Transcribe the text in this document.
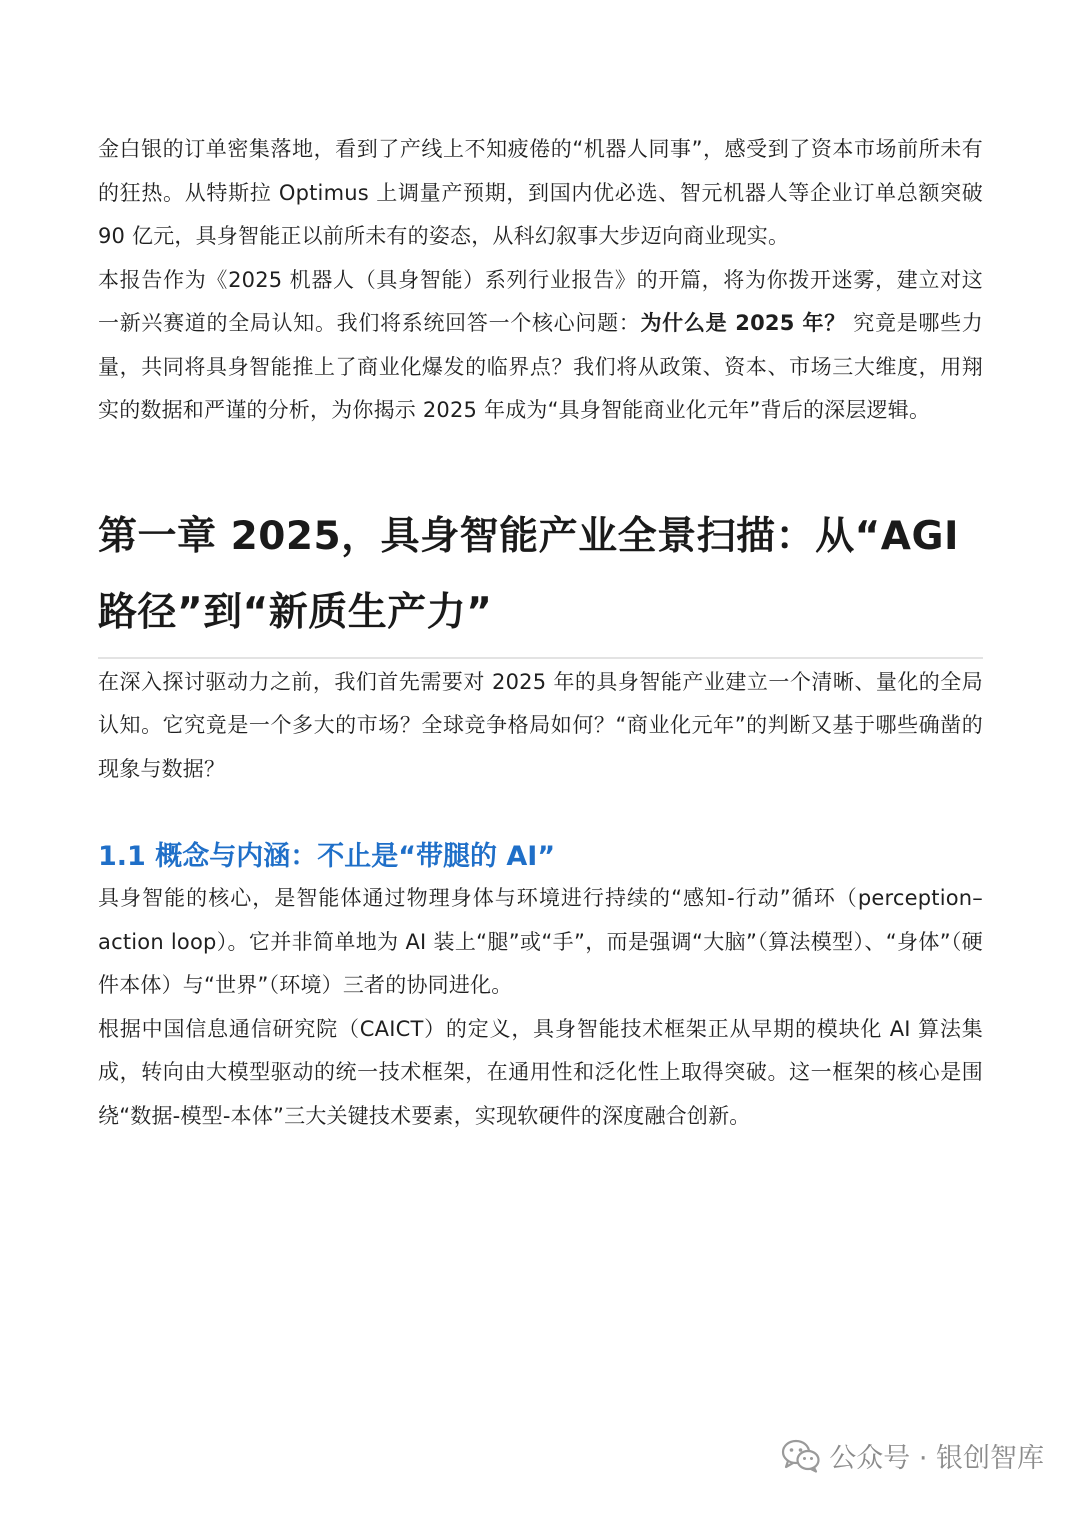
金白银的订单密集落地，看到了产线上不知疲倦的“机器人同事”，感受到了资本市场前所未有的狂热。从特斯拉 Optimus 上调量产预期，到国内优必选、智元机器人等企业订单总额突破 90 亿元，具身智能正以前所未有的姿态，从科幻叙事大步迈向商业现实。

本报告作为《2025 机器人（具身智能）系列行业报告》的开篇，将为你拨开迷雾，建立对这一新兴赛道的全局认知。我们将系统回答一个核心问题：为什么是 2025 年？ 究竟是哪些力量，共同将具身智能推上了商业化爆发的临界点？我们将从政策、资本、市场三大维度，用翔实的数据和严谨的分析，为你揭示 2025 年成为“具身智能商业化元年”背后的深层逻辑。

第一章 2025，具身智能产业全景扫描：从“AGI 路径”到“新质生产力”

在深入探讨驱动力之前，我们首先需要对 2025 年的具身智能产业建立一个清晰、量化的全局认知。它究竟是一个多大的市场？全球竞争格局如何？“商业化元年”的判断又基于哪些确凿的现象与数据？

1.1 概念与内涵：不止是“带腿的 AI”

具身智能的核心，是智能体通过物理身体与环境进行持续的“感知-行动”循环（perception–action loop）。它并非简单地为 AI 装上“腿”或“手”，而是强调“大脑”（算法模型）、“身体”（硬件本体）与“世界”（环境）三者的协同进化。

根据中国信息通信研究院（CAICT）的定义，具身智能技术框架正从早期的模块化 AI 算法集成，转向由大模型驱动的统一技术框架，在通用性和泛化性上取得突破。这一框架的核心是围绕“数据-模型-本体”三大关键技术要素，实现软硬件的深度融合创新。

公众号 · 银创智库
